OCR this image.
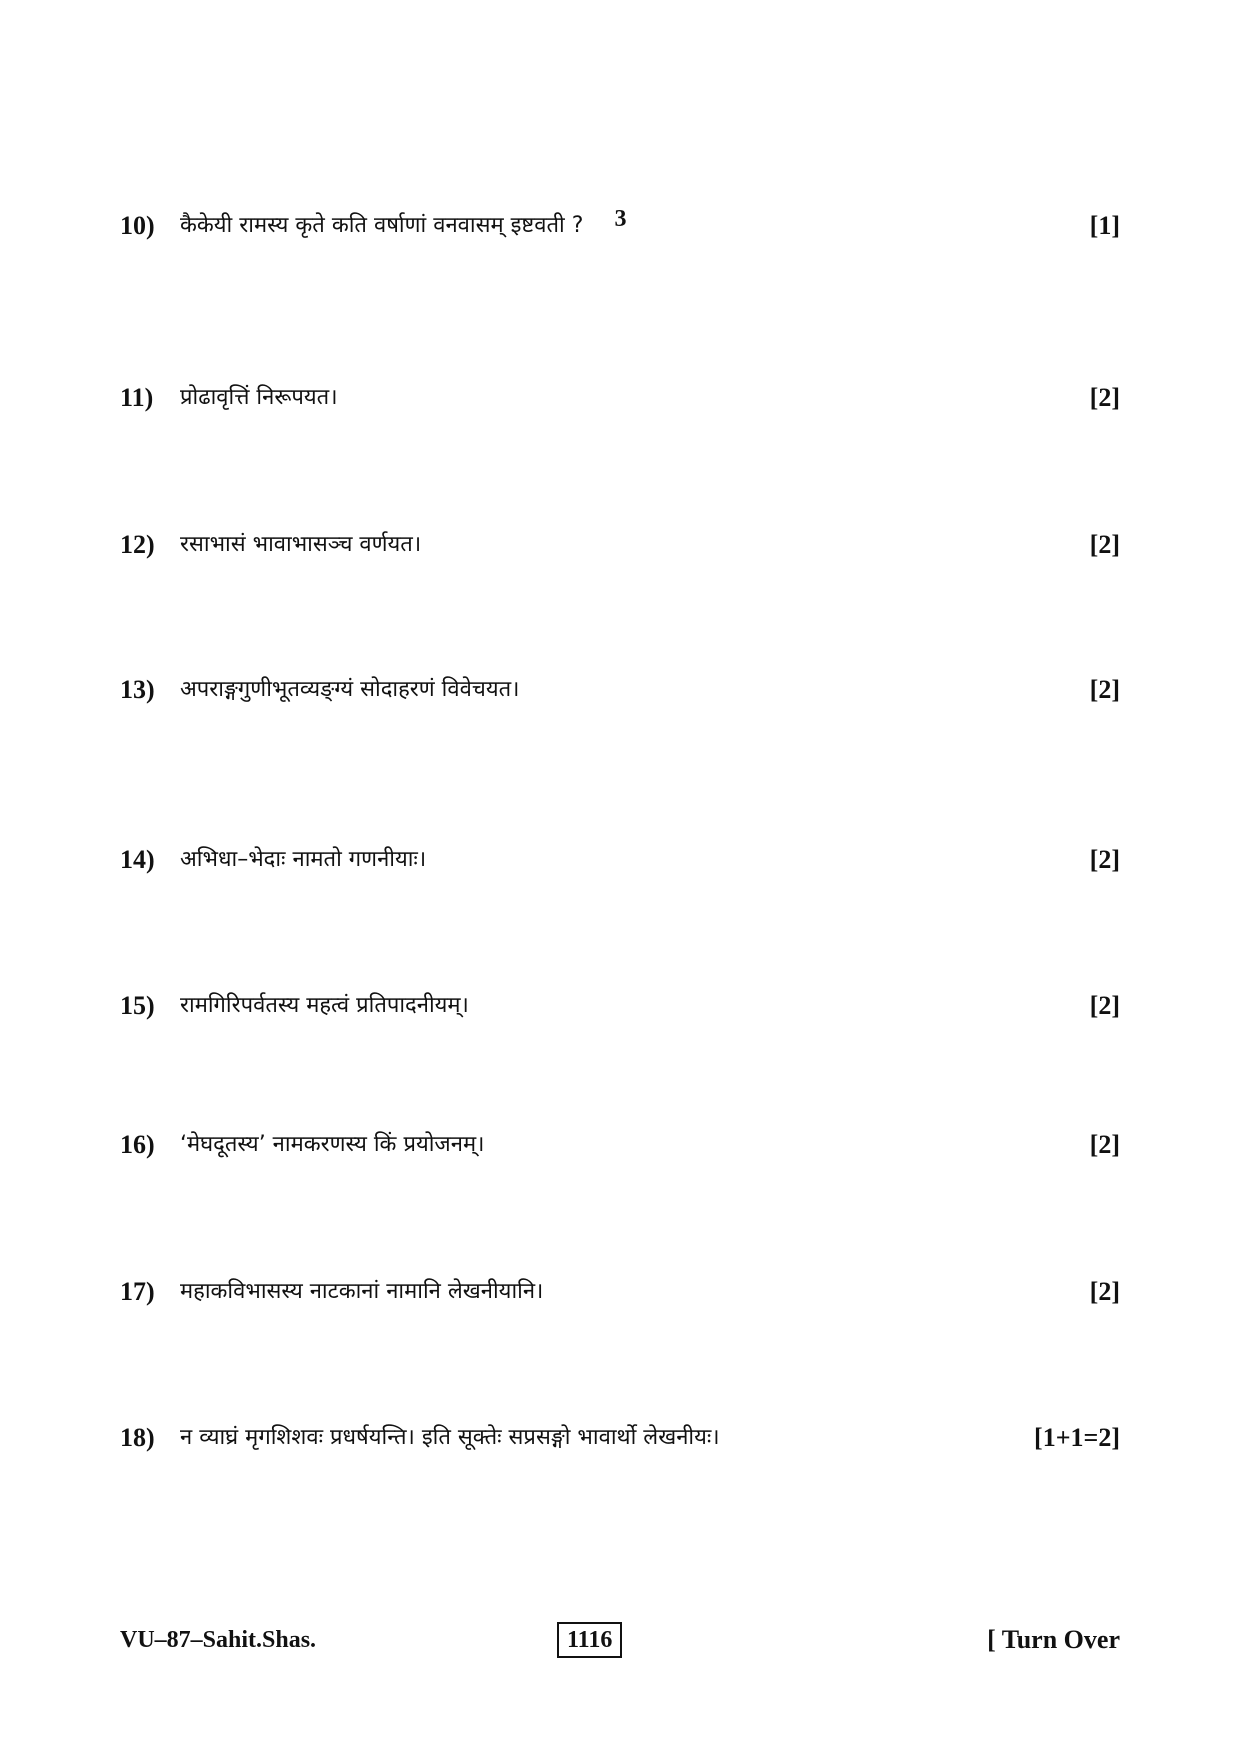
3
10) कैकेयी रामस्य कृते कति वर्षाणां वनवासम् इष्टवती ?	[1]
11) प्रोढावृत्तिं निरूपयत।	[2]
12) रसाभासं भावाभासञ्च वर्णयत।	[2]
13) अपराङ्गगुणीभूतव्यङ्ग्यं सोदाहरणं विवेचयत।	[2]
14) अभिधा–भेदाः नामतो गणनीयाः।	[2]
15) रामगिरिपर्वतस्य महत्वं प्रतिपादनीयम्।	[2]
16) ‘मेघदूतस्य’ नामकरणस्य किं प्रयोजनम्।	[2]
17) महाकविभासस्य नाटकानां नामानि लेखनीयानि।	[2]
18) न व्याघ्रं मृगशिशवः प्रधर्षयन्ति। इति सूक्तेः सप्रसङ्गो भावार्थो लेखनीयः।	[1+1=2]
VU–87–Sahit.Shas.	1116	[ Turn Over
